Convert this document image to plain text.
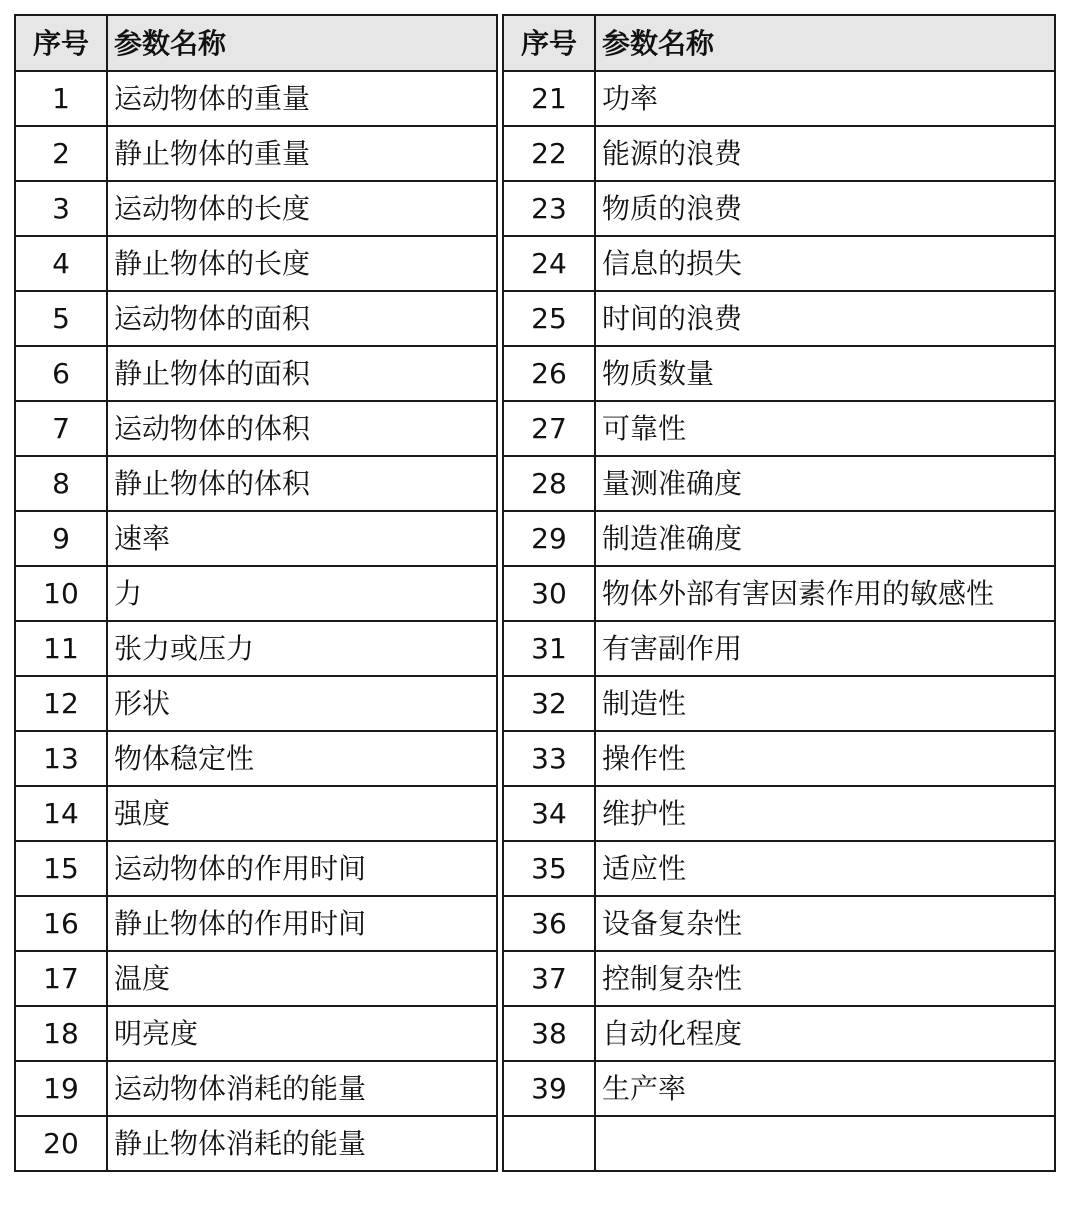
序号	参数名称
1	运动物体的重量
2	静止物体的重量
3	运动物体的长度
4	静止物体的长度
5	运动物体的面积
6	静止物体的面积
7	运动物体的体积
8	静止物体的体积
9	速率
10	力
11	张力或压力
12	形状
13	物体稳定性
14	强度
15	运动物体的作用时间
16	静止物体的作用时间
17	温度
18	明亮度
19	运动物体消耗的能量
20	静止物体消耗的能量
序号	参数名称
21	功率
22	能源的浪费
23	物质的浪费
24	信息的损失
25	时间的浪费
26	物质数量
27	可靠性
28	量测准确度
29	制造准确度
30	物体外部有害因素作用的敏感性
31	有害副作用
32	制造性
33	操作性
34	维护性
35	适应性
36	设备复杂性
37	控制复杂性
38	自动化程度
39	生产率
